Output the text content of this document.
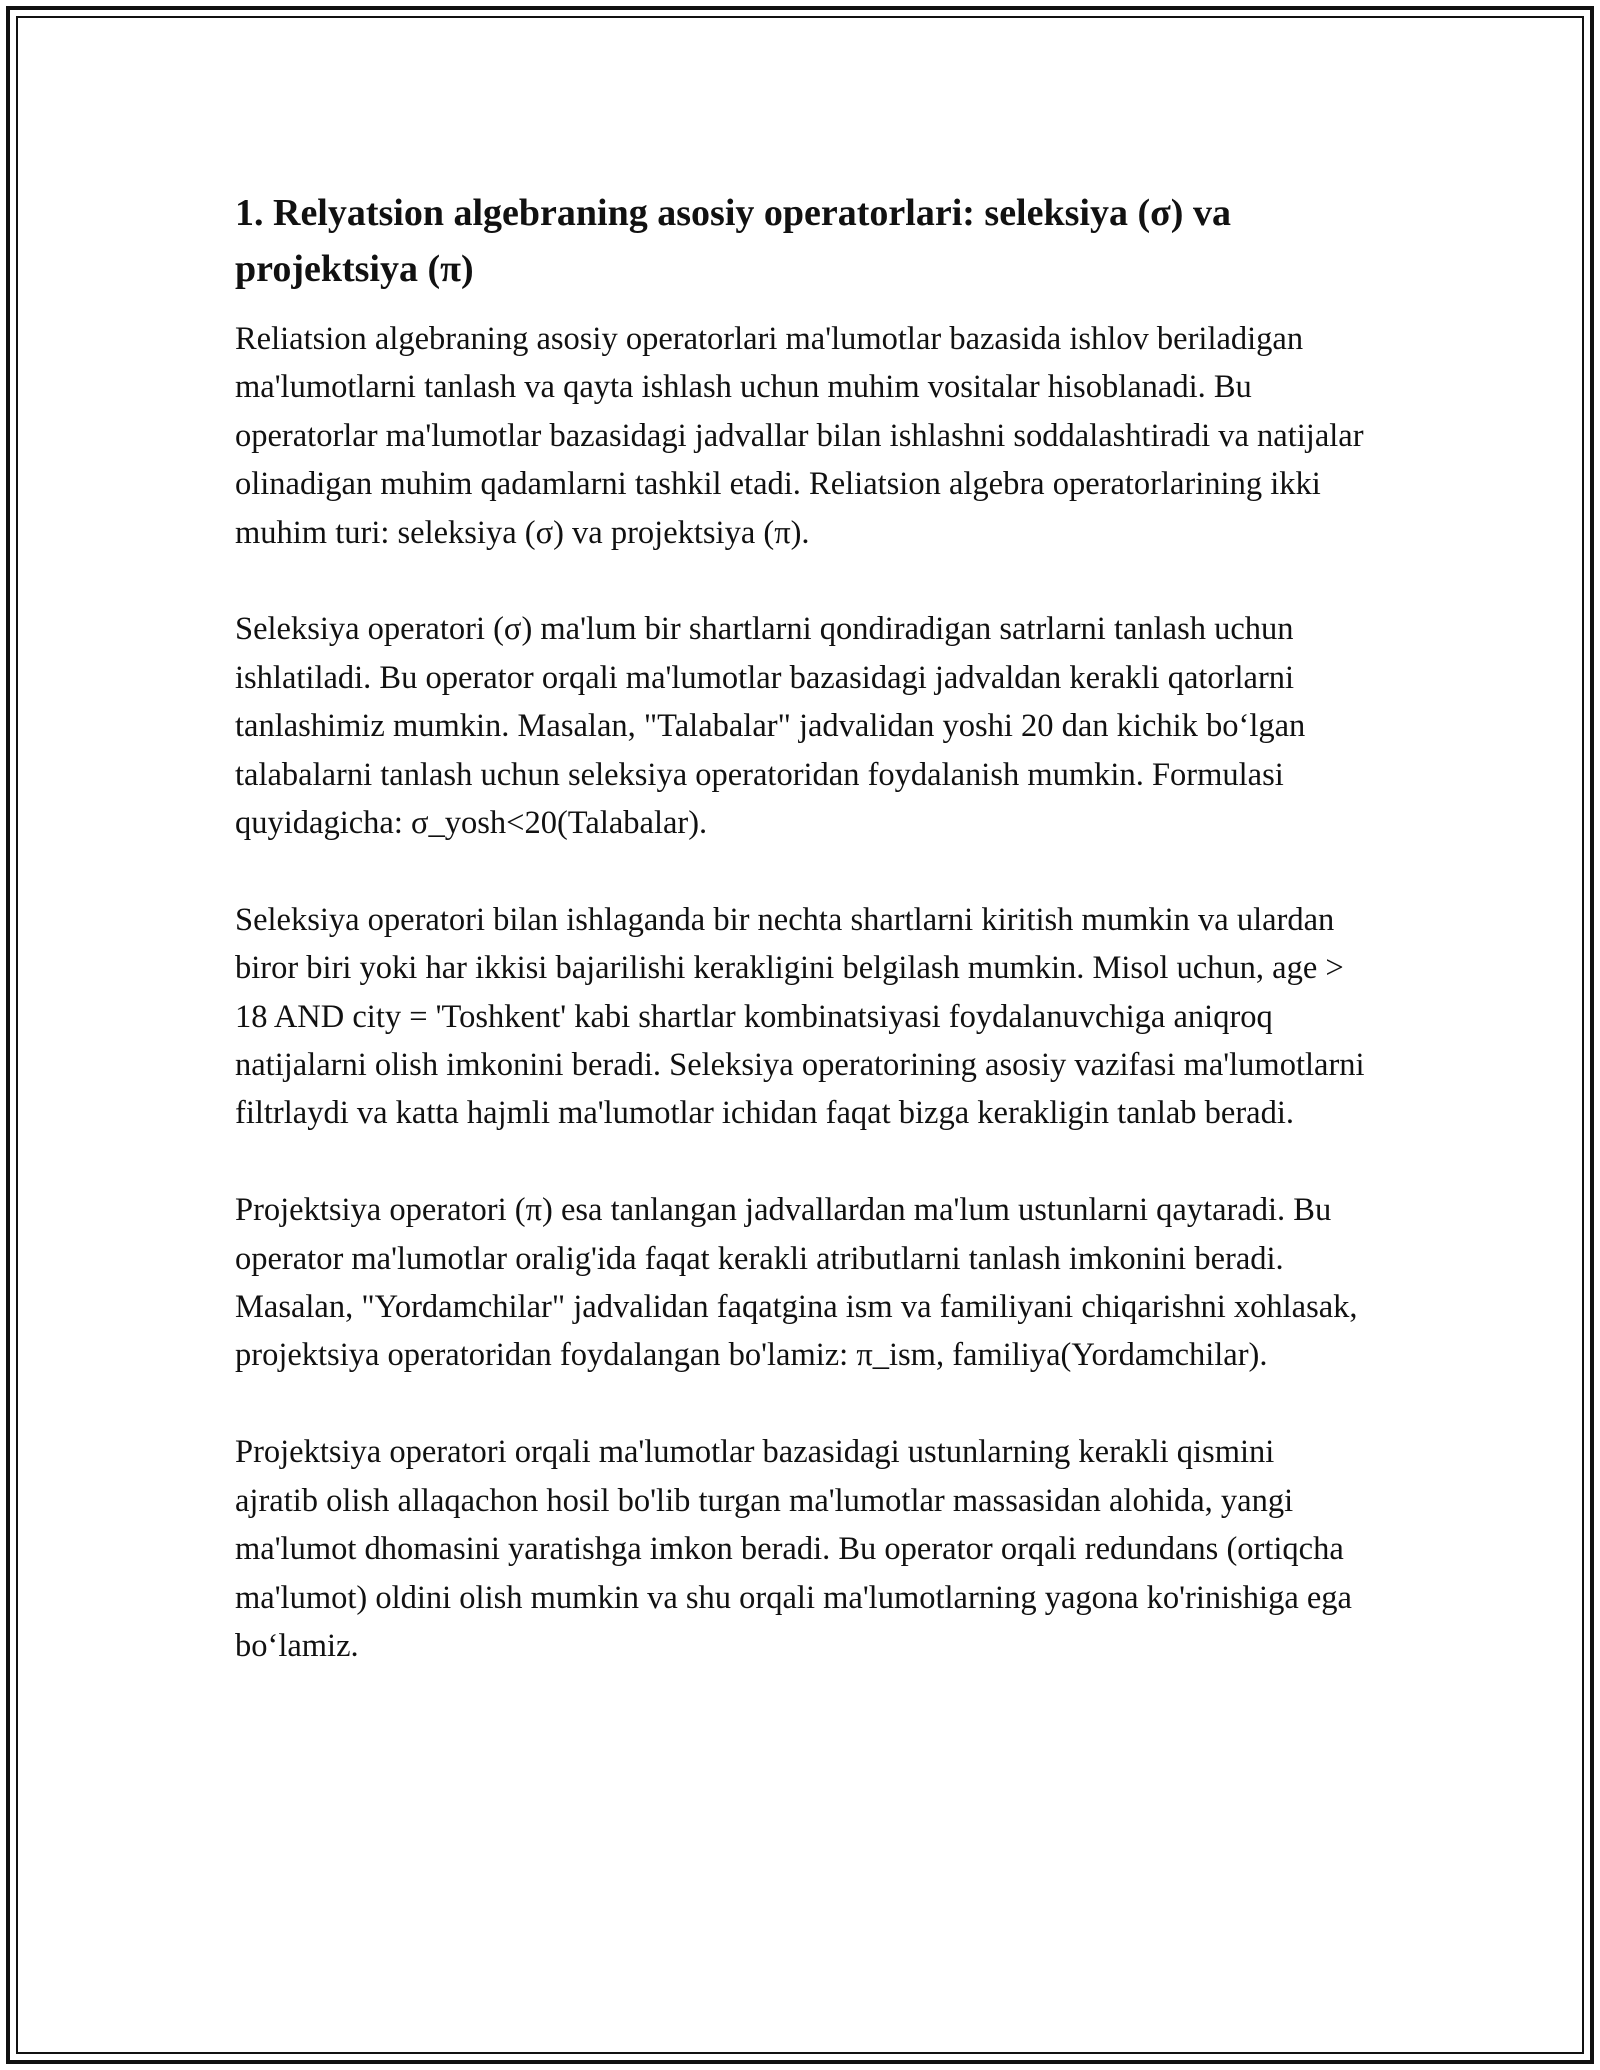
1. Relyatsion algebraning asosiy operatorlari: seleksiya (σ) va projektsiya (π)

Reliatsion algebraning asosiy operatorlari ma'lumotlar bazasida ishlov beriladigan ma'lumotlarni tanlash va qayta ishlash uchun muhim vositalar hisoblanadi. Bu operatorlar ma'lumotlar bazasidagi jadvallar bilan ishlashni soddalashtiradi va natijalar olinadigan muhim qadamlarni tashkil etadi. Reliatsion algebra operatorlarining ikki muhim turi: seleksiya (σ) va projektsiya (π).

Seleksiya operatori (σ) ma'lum bir shartlarni qondiradigan satrlarni tanlash uchun ishlatiladi. Bu operator orqali ma'lumotlar bazasidagi jadvaldan kerakli qatorlarni tanlashimiz mumkin. Masalan, "Talabalar" jadvalidan yoshi 20 dan kichik bo‘lgan talabalarni tanlash uchun seleksiya operatoridan foydalanish mumkin. Formulasi quyidagicha: σ_yosh<20(Talabalar).

Seleksiya operatori bilan ishlaganda bir nechta shartlarni kiritish mumkin va ulardan biror biri yoki har ikkisi bajarilishi kerakligini belgilash mumkin. Misol uchun, age > 18 AND city = 'Toshkent' kabi shartlar kombinatsiyasi foydalanuvchiga aniqroq natijalarni olish imkonini beradi. Seleksiya operatorining asosiy vazifasi ma'lumotlarni filtrlaydi va katta hajmli ma'lumotlar ichidan faqat bizga kerakligin tanlab beradi.

Projektsiya operatori (π) esa tanlangan jadvallardan ma'lum ustunlarni qaytaradi. Bu operator ma'lumotlar oralig'ida faqat kerakli atributlarni tanlash imkonini beradi. Masalan, "Yordamchilar" jadvalidan faqatgina ism va familiyani chiqarishni xohlasak, projektsiya operatoridan foydalangan bo'lamiz: π_ism, familiya(Yordamchilar).

Projektsiya operatori orqali ma'lumotlar bazasidagi ustunlarning kerakli qismini ajratib olish allaqachon hosil bo'lib turgan ma'lumotlar massasidan alohida, yangi ma'lumot dhomasini yaratishga imkon beradi. Bu operator orqali redundans (ortiqcha ma'lumot) oldini olish mumkin va shu orqali ma'lumotlarning yagona ko'rinishiga ega bo‘lamiz.
